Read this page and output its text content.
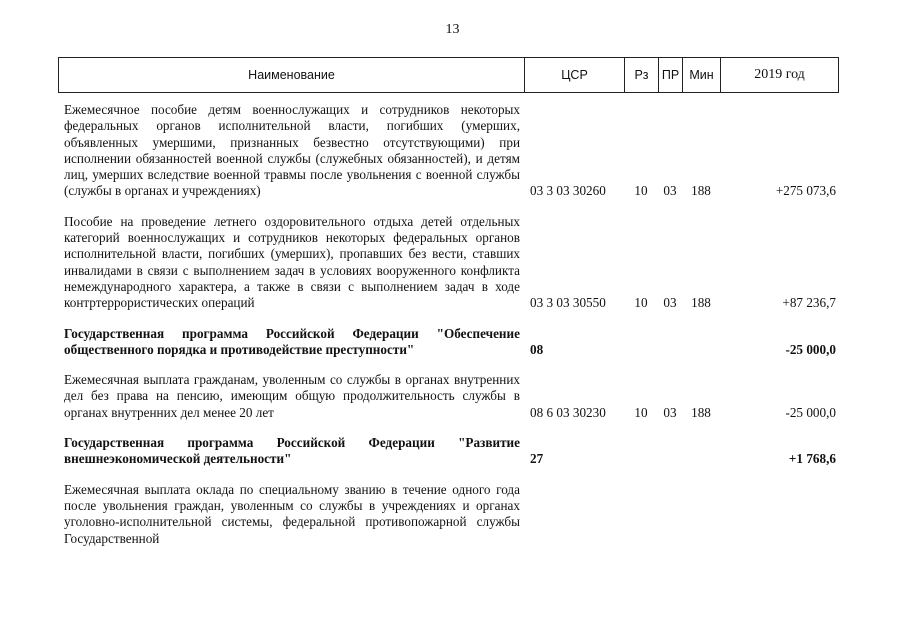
13
Наименование	ЦСР	Рз	ПР	Мин	2019 год
Ежемесячное пособие детям военнослужащих и сотрудников некоторых федеральных органов исполнительной власти, погибших (умерших, объявленных умершими, признанных безвестно отсутствующими) при исполнении обязанностей военной службы (служебных обязанностей), и детям лиц, умерших вследствие военной травмы после увольнения с военной службы (службы в органах и учреждениях)	03 3 03 30260	10	03	188	+275 073,6

Пособие на проведение летнего оздоровительного отдыха детей отдельных категорий военнослужащих и сотрудников некоторых федеральных органов исполнительной власти, погибших (умерших), пропавших без вести, ставших инвалидами в связи с выполнением задач в условиях вооруженного конфликта немеждународного характера, а также в связи с выполнением задач в ходе контртеррористических операций	03 3 03 30550	10	03	188	+87 236,7

Государственная программа Российской Федерации "Обеспечение общественного порядка и противодействие преступности"	08				-25 000,0

Ежемесячная выплата гражданам, уволенным со службы в органах внутренних дел без права на пенсию, имеющим общую продолжительность службы в органах внутренних дел менее 20 лет	08 6 03 30230	10	03	188	-25 000,0

Государственная программа Российской Федерации "Развитие внешнеэкономической деятельности"	27				+1 768,6

Ежемесячная выплата оклада по специальному званию в течение одного года после увольнения граждан, уволенным со службы в учреждениях и органах уголовно-исполнительной системы, федеральной противопожарной службы Государственной					
